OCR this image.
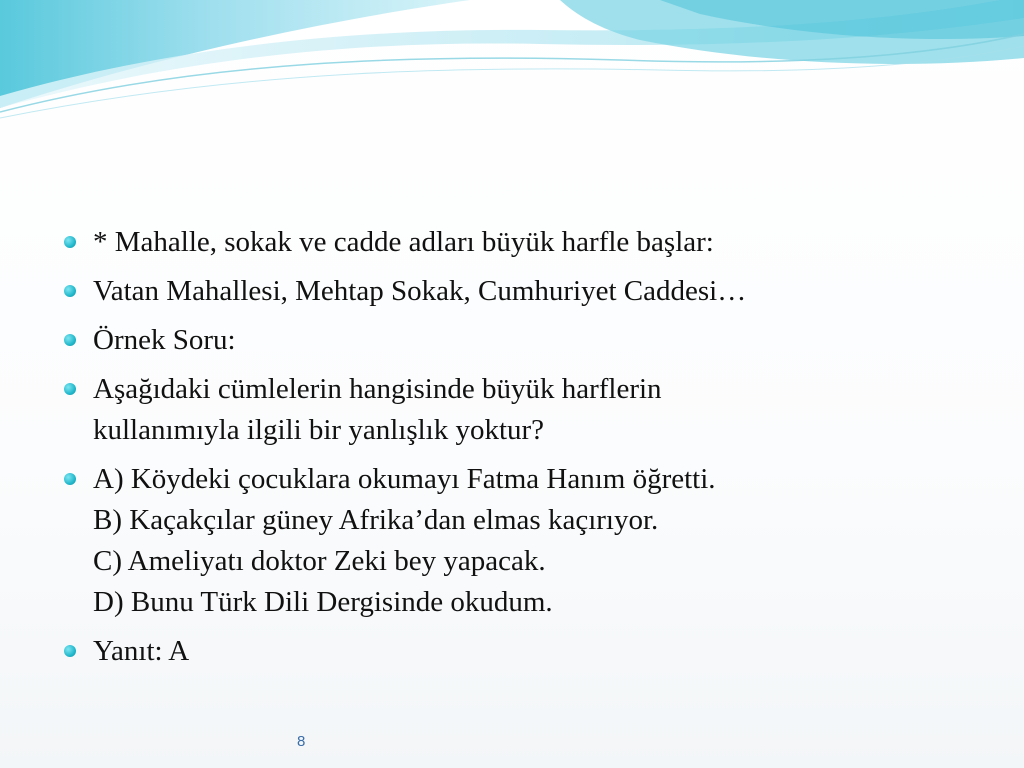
* Mahalle, sokak ve cadde adları büyük harfle başlar:
Vatan Mahallesi, Mehtap Sokak, Cumhuriyet Caddesi…
Örnek Soru:
Aşağıdaki cümlelerin hangisinde büyük harflerin
kullanımıyla ilgili bir yanlışlık yoktur?
A) Köydeki çocuklara okumayı Fatma Hanım öğretti.
B) Kaçakçılar güney Afrika’dan elmas kaçırıyor.
C) Ameliyatı doktor Zeki bey yapacak.
D) Bunu Türk Dili Dergisinde okudum.
Yanıt: A
8
